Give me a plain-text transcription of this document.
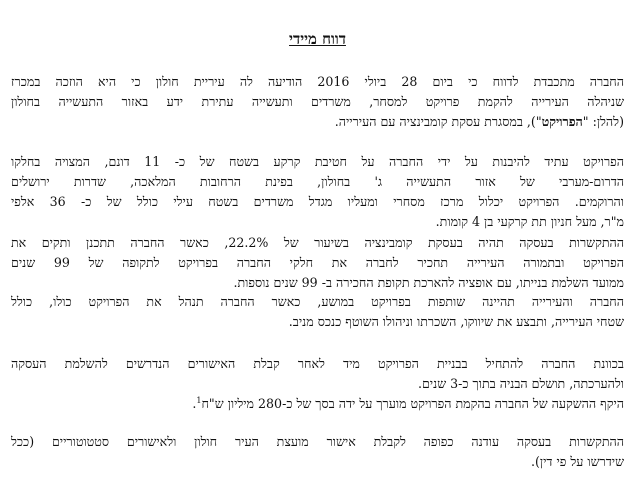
דווח מיידי

החברה מתכבדת לדווח כי ביום 28 ביולי 2016 הודיעה לה עיריית חולון כי היא הוזכה במכרז
שניהלה העירייה להקמת פרויקט למסחר, משרדים ותעשייה עתירת ידע באזור התעשייה בחולון
(להלן: "הפרויקט"), במסגרת עסקת קומבינציה עם העירייה.

הפרויקט עתיד להיבנות על ידי החברה על חטיבת קרקע בשטח של כ- 11 דונם, המצויה בחלקו
הדרום-מערבי של אזור התעשייה ג' בחולון, בפינת הרחובות המלאכה, שדרות ירושלים
והרוקמים. הפרויקט יכלול מרכז מסחרי ומעליו מגדל משרדים בשטח עילי כולל של כ- 36 אלפי
מ"ר, מעל חניון תת קרקעי בן 4 קומות.

ההתקשרות בעסקה תהיה בעסקת קומבינציה בשיעור של 22.2%, כאשר החברה תתכנן ותקים את
הפרויקט ובתמורה העירייה תחכיר לחברה את חלקי החברה בפרויקט לתקופה של 99 שנים
ממועד השלמת בנייתו, עם אופציה להארכת תקופת החכירה ב- 99 שנים נוספות.

החברה והעירייה תהיינה שותפות בפרויקט במושע, כאשר החברה תנהל את הפרויקט כולו, כולל
שטחי העירייה, ותבצע את שיווקו, השכרתו וניהולו השוטף כנכס מניב.

בכוונת החברה להתחיל בבניית הפרויקט מיד לאחר קבלת האישורים הנדרשים להשלמת העסקה
ולהערכתה, תושלם הבניה בתוך כ-3 שנים.
היקף ההשקעה של החברה בהקמת הפרויקט מוערך על ידה בסך של כ-280 מיליון ש"ח$^1$.

ההתקשרות בעסקה עודנה כפופה לקבלת אישור מועצת העיר חולון ולאישורים סטטוטוריים (ככל
שידרשו על פי דין).
